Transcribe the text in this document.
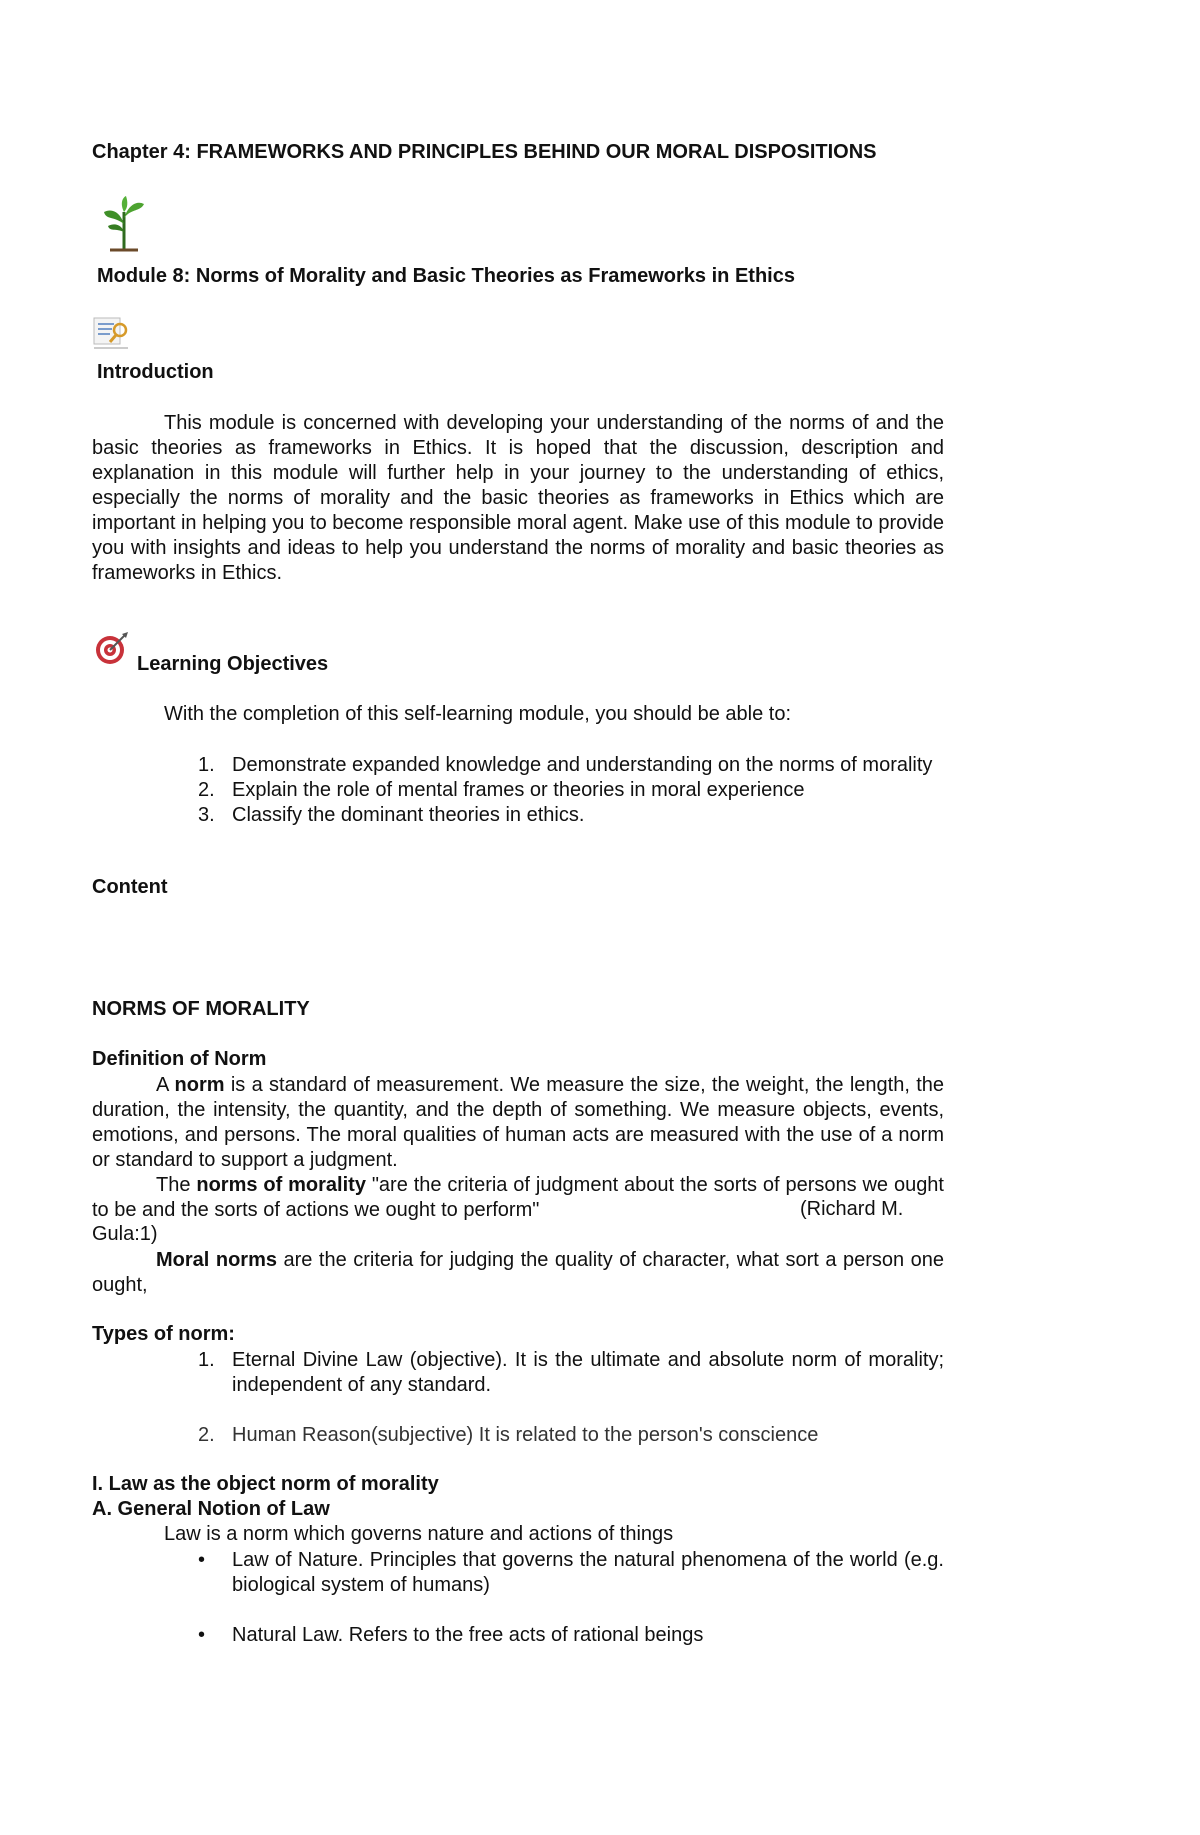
Chapter 4: FRAMEWORKS AND PRINCIPLES BEHIND OUR MORAL DISPOSITIONS

Module 8: Norms of Morality and Basic Theories as Frameworks in Ethics

Introduction

This module is concerned with developing your understanding of the norms of and the basic theories as frameworks in Ethics. It is hoped that the discussion, description and explanation in this module will further help in your journey to the understanding of ethics, especially the norms of morality and the basic theories as frameworks in Ethics which are important in helping you to become responsible moral agent. Make use of this module to provide you with insights and ideas to help you understand the norms of morality and basic theories as frameworks in Ethics.

Learning Objectives

With the completion of this self-learning module, you should be able to:

1. Demonstrate expanded knowledge and understanding on the norms of morality
2. Explain the role of mental frames or theories in moral experience
3. Classify the dominant theories in ethics.

Content

NORMS OF MORALITY

Definition of Norm

A norm is a standard of measurement. We measure the size, the weight, the length, the duration, the intensity, the quantity, and the depth of something. We measure objects, events, emotions, and persons. The moral qualities of human acts are measured with the use of a norm or standard to support a judgment.

The norms of morality "are the criteria of judgment about the sorts of persons we ought to be and the sorts of actions we ought to perform"	(Richard M.

Gula:1)

Moral norms are the criteria for judging the quality of character, what sort a person one ought,

Types of norm:

1. Eternal Divine Law (objective). It is the ultimate and absolute norm of morality; independent of any standard.
2. Human Reason(subjective) It is related to the person's conscience

I. Law as the object norm of morality

A. General Notion of Law

Law is a norm which governs nature and actions of things

•	Law of Nature. Principles that governs the natural phenomena of the world (e.g. biological system of humans)
•	Natural Law. Refers to the free acts of rational beings
